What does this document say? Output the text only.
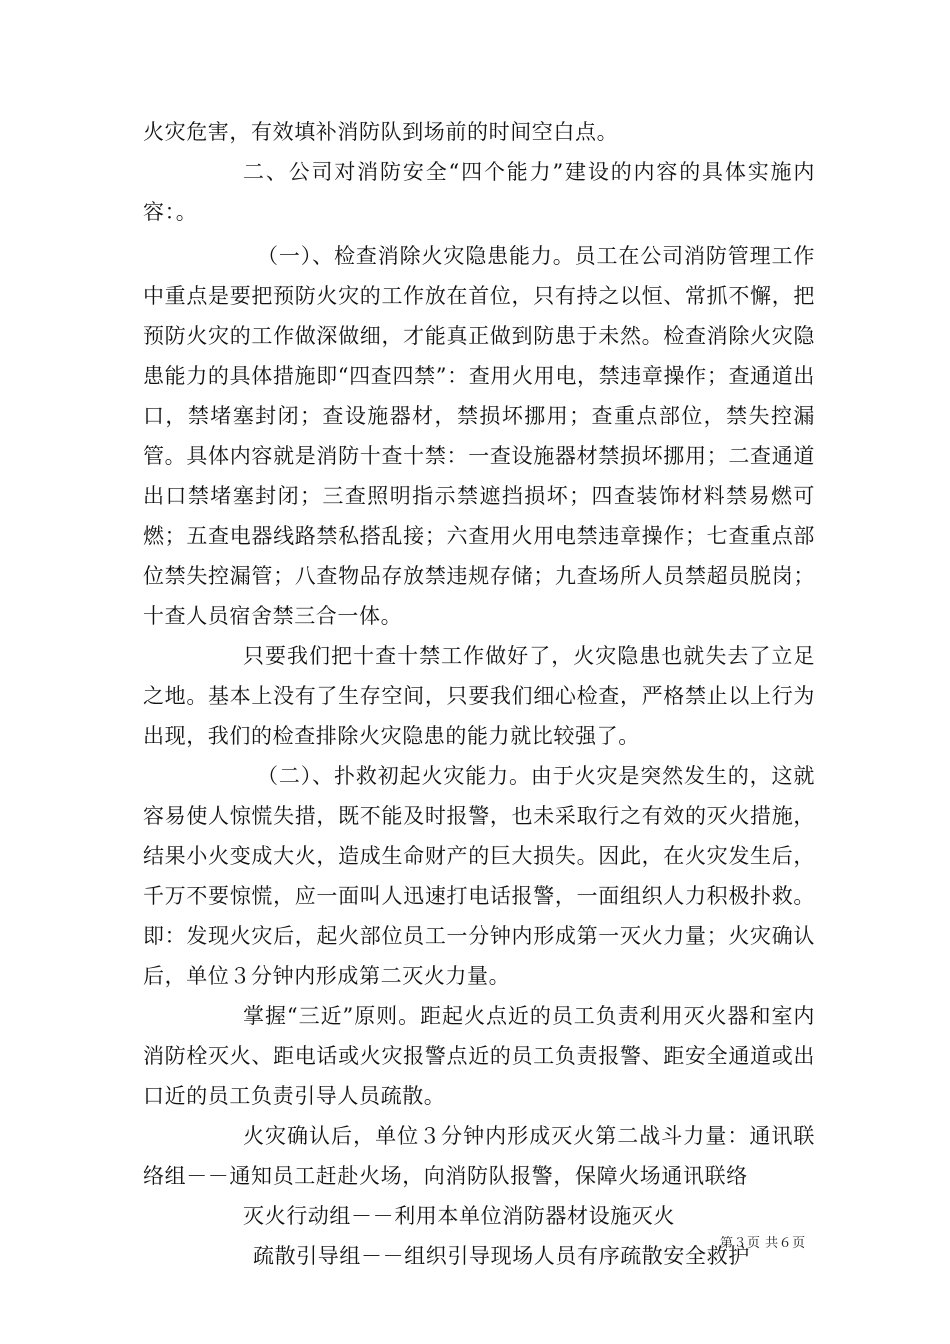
火灾危害，有效填补消防队到场前的时间空白点。

二、公司对消防安全“四个能力”建设的内容的具体实施内容：。

（一）、检查消除火灾隐患能力。员工在公司消防管理工作中重点是要把预防火灾的工作放在首位，只有持之以恒、常抓不懈，把预防火灾的工作做深做细，才能真正做到防患于未然。检查消除火灾隐患能力的具体措施即“四查四禁”：查用火用电，禁违章操作；查通道出口，禁堵塞封闭；查设施器材，禁损坏挪用；查重点部位，禁失控漏管。具体内容就是消防十查十禁：一查设施器材禁损坏挪用；二查通道出口禁堵塞封闭；三查照明指示禁遮挡损坏；四查装饰材料禁易燃可燃；五查电器线路禁私搭乱接；六查用火用电禁违章操作；七查重点部位禁失控漏管；八查物品存放禁违规存储；九查场所人员禁超员脱岗；十查人员宿舍禁三合一体。

只要我们把十查十禁工作做好了，火灾隐患也就失去了立足之地。基本上没有了生存空间，只要我们细心检查，严格禁止以上行为出现，我们的检查排除火灾隐患的能力就比较强了。

（二）、扑救初起火灾能力。由于火灾是突然发生的，这就容易使人惊慌失措，既不能及时报警，也未采取行之有效的灭火措施，结果小火变成大火，造成生命财产的巨大损失。因此，在火灾发生后，千万不要惊慌，应一面叫人迅速打电话报警，一面组织人力积极扑救。即：发现火灾后，起火部位员工一分钟内形成第一灭火力量；火灾确认后，单位３分钟内形成第二灭火力量。

掌握“三近”原则。距起火点近的员工负责利用灭火器和室内消防栓灭火、距电话或火灾报警点近的员工负责报警、距安全通道或出口近的员工负责引导人员疏散。

火灾确认后，单位３分钟内形成灭火第二战斗力量：通讯联络组－－通知员工赶赴火场，向消防队报警，保障火场通讯联络

灭火行动组－－利用本单位消防器材设施灭火

疏散引导组－－组织引导现场人员有序疏散安全救护

第３页 共６页
